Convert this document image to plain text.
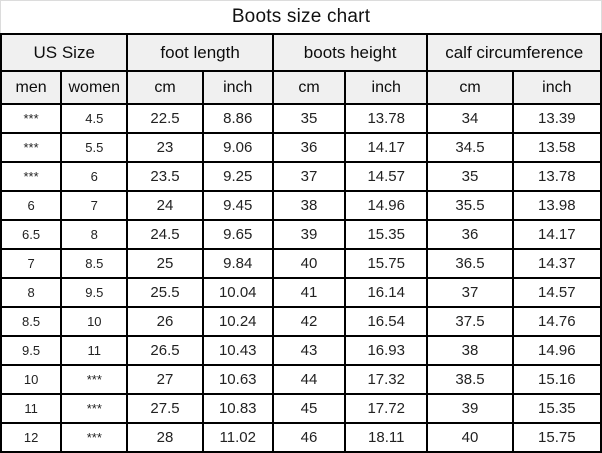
Boots size chart
US Size		foot length		boots height		calf circumference	
men	women	cm	inch	cm	inch	cm	inch
***	4.5	22.5	8.86	35	13.78	34	13.39
***	5.5	23	9.06	36	14.17	34.5	13.58
***	6	23.5	9.25	37	14.57	35	13.78
6	7	24	9.45	38	14.96	35.5	13.98
6.5	8	24.5	9.65	39	15.35	36	14.17
7	8.5	25	9.84	40	15.75	36.5	14.37
8	9.5	25.5	10.04	41	16.14	37	14.57
8.5	10	26	10.24	42	16.54	37.5	14.76
9.5	11	26.5	10.43	43	16.93	38	14.96
10	***	27	10.63	44	17.32	38.5	15.16
11	***	27.5	10.83	45	17.72	39	15.35
12	***	28	11.02	46	18.11	40	15.75
